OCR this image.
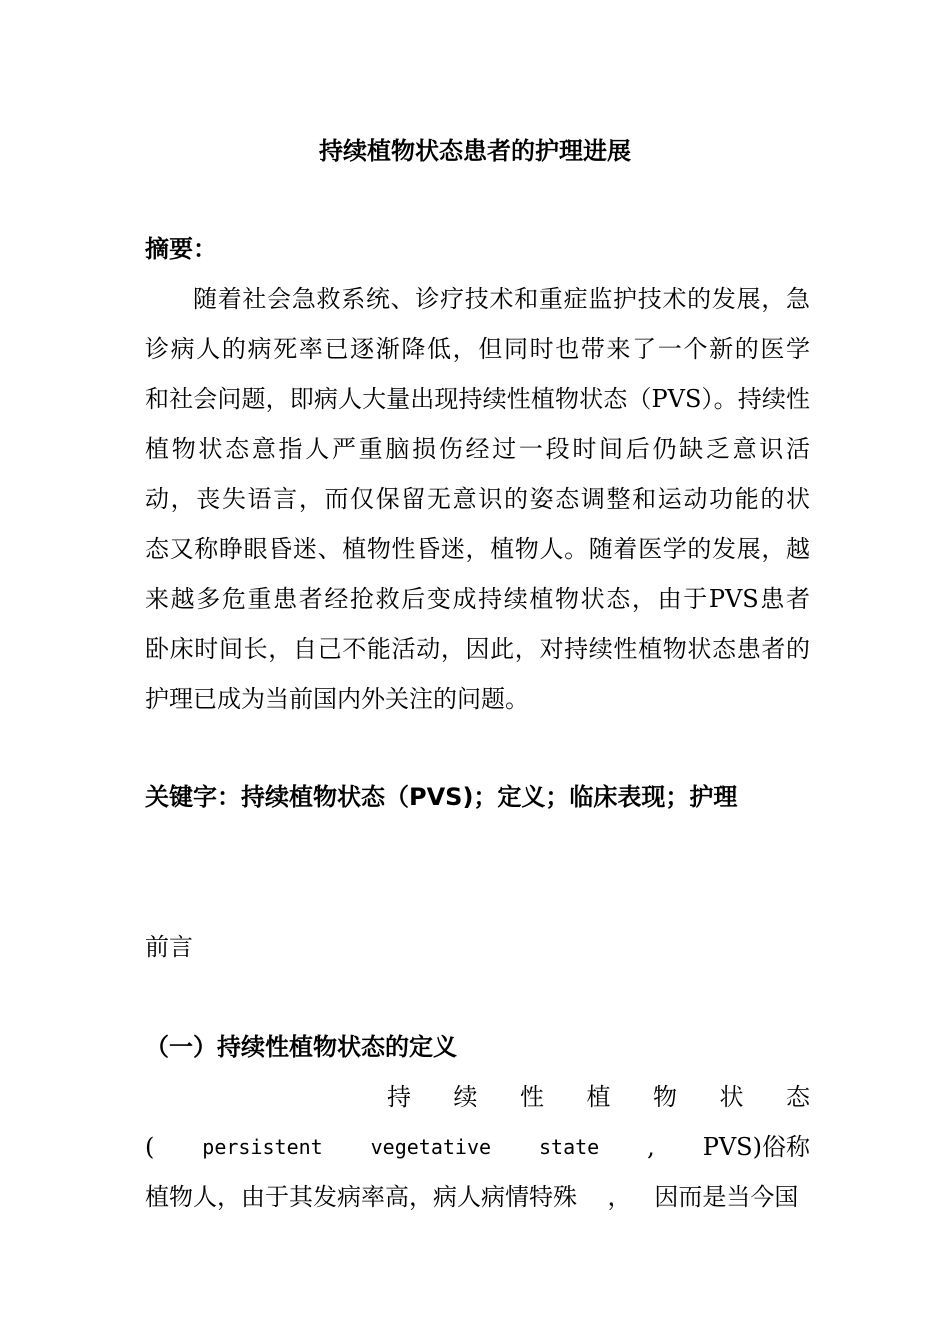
持续植物状态患者的护理进展
摘要：
随着社会急救系统、诊疗技术和重症监护技术的发展，急
诊病人的病死率已逐渐降低，但同时也带来了一个新的医学
和社会问题，即病人大量出现持续性植物状态（PVS）。持续性
植物状态意指人严重脑损伤经过一段时间后仍缺乏意识活
动，丧失语言，而仅保留无意识的姿态调整和运动功能的状
态又称睁眼昏迷、植物性昏迷，植物人。随着医学的发展，越
来越多危重患者经抢救后变成持续植物状态，由于PVS患者
卧床时间长，自己不能活动，因此，对持续性植物状态患者的
护理已成为当前国内外关注的问题。
关键字：持续植物状态（PVS)；定义；临床表现；护理
前言
（一）持续性植物状态的定义
持 续 性 植 物 状 态
( persistent vegetative state , PVS)俗称
植物人，由于其发病率高，病人病情特殊    ，   因而是当今国
